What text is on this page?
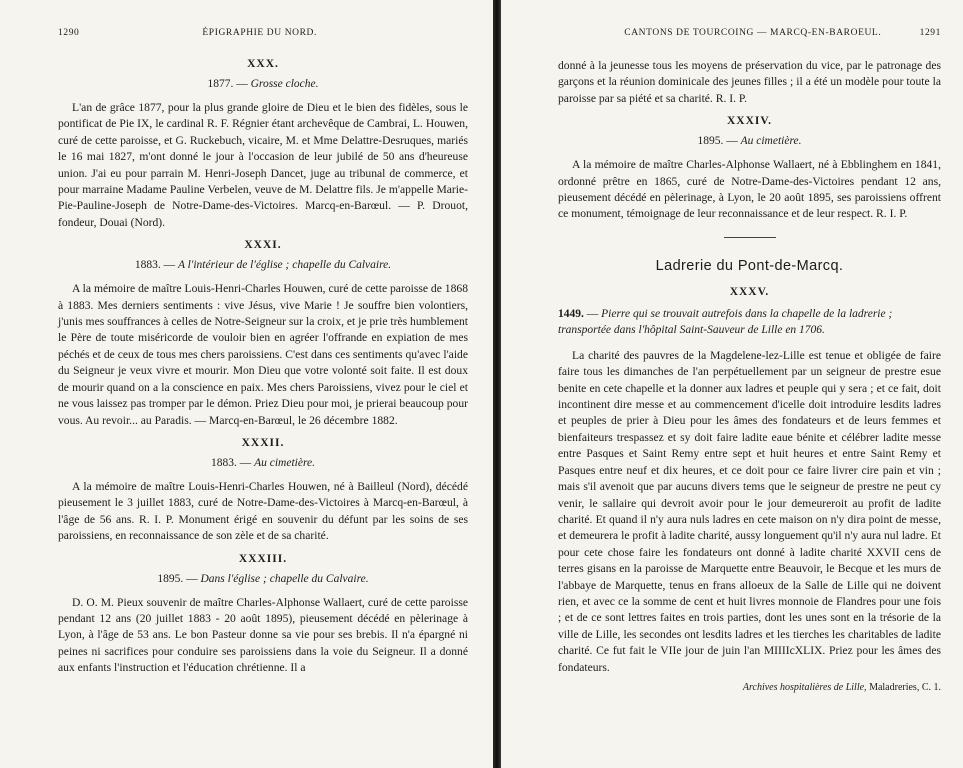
1290	ÉPIGRAPHIE DU NORD.
XXX.
1877. — Grosse cloche.

L'an de grâce 1877, pour la plus grande gloire de Dieu et le bien des fidèles, sous le pontificat de Pie IX, le cardinal R. F. Régnier étant archevêque de Cambrai, L. Houwen, curé de cette paroisse, et G. Ruckebuch, vicaire, M. et Mme Delattre-Desruques, mariés le 16 mai 1827, m'ont donné le jour à l'occasion de leur jubilé de 50 ans d'heureuse union. J'ai eu pour parrain M. Henri-Joseph Dancet, juge au tribunal de commerce, et pour marraine Madame Pauline Verbelen, veuve de M. Delattre fils. Je m'appelle Marie-Pie-Pauline-Joseph de Notre-Dame-des-Victoires. Marcq-en-Barœul. — P. Drouot, fondeur, Douai (Nord).

XXXI.
1883. — A l'intérieur de l'église ; chapelle du Calvaire.

A la mémoire de maître Louis-Henri-Charles Houwen, curé de cette paroisse de 1868 à 1883. Mes derniers sentiments : vive Jésus, vive Marie ! Je souffre bien volontiers, j'unis mes souffrances à celles de Notre-Seigneur sur la croix, et je prie très humblement le Père de toute miséricorde de vouloir bien en agréer l'offrande en expiation de mes péchés et de ceux de tous mes chers paroissiens. C'est dans ces sentiments qu'avec l'aide du Seigneur je veux vivre et mourir. Mon Dieu que votre volonté soit faite. Il est doux de mourir quand on a la conscience en paix. Mes chers Paroissiens, vivez pour le ciel et ne vous laissez pas tromper par le démon. Priez Dieu pour moi, je prierai beaucoup pour vous. Au revoir... au Paradis. — Marcq-en-Barœul, le 26 décembre 1882.

XXXII.
1883. — Au cimetière.

A la mémoire de maître Louis-Henri-Charles Houwen, né à Bailleul (Nord), décédé pieusement le 3 juillet 1883, curé de Notre-Dame-des-Victoires à Marcq-en-Barœul, à l'âge de 56 ans. R. I. P. Monument érigé en souvenir du défunt par les soins de ses paroissiens, en reconnaissance de son zèle et de sa charité.

XXXIII.
1895. — Dans l'église ; chapelle du Calvaire.

D. O. M. Pieux souvenir de maître Charles-Alphonse Wallaert, curé de cette paroisse pendant 12 ans (20 juillet 1883 - 20 août 1895), pieusement décédé en pèlerinage à Lyon, à l'âge de 53 ans. Le bon Pasteur donne sa vie pour ses brebis. Il n'a épargné ni peines ni sacrifices pour conduire ses paroissiens dans la voie du Seigneur. Il a donné aux enfants l'instruction et l'éducation chrétienne. Il a

CANTONS DE TOURCOING — MARCQ-EN-BAROEUL.	1291

donné à la jeunesse tous les moyens de préservation du vice, par le patronage des garçons et la réunion dominicale des jeunes filles ; il a été un modèle pour toute la paroisse par sa piété et sa charité. R. I. P.

XXXIV.
1895. — Au cimetière.

A la mémoire de maître Charles-Alphonse Wallaert, né à Ebblinghem en 1841, ordonné prêtre en 1865, curé de Notre-Dame-des-Victoires pendant 12 ans, pieusement décédé en pèlerinage, à Lyon, le 20 août 1895, ses paroissiens offrent ce monument, témoignage de leur reconnaissance et de leur respect. R. I. P.

Ladrerie du Pont-de-Marcq.
XXXV.
1449. — Pierre qui se trouvait autrefois dans la chapelle de la ladrerie ; transportée dans l'hôpital Saint-Sauveur de Lille en 1706.

La charité des pauvres de la Magdelene-lez-Lille est tenue et obligée de faire faire tous les dimanches de l'an perpétuellement par un seigneur de prestre esue benite en cete chapelle et la donner aux ladres et peuple qui y sera ; et ce fait, doit incontinent dire messe et au commencement d'icelle doit introduire lesdits ladres et peuples de prier à Dieu pour les âmes des fondateurs et de leurs femmes et bienfaiteurs trespassez et sy doit faire ladite eaue bénite et célébrer ladite messe entre Pasques et Saint Remy entre sept et huit heures et entre Saint Remy et Pasques entre neuf et dix heures, et ce doit pour ce faire livrer cire pain et vin ; mais s'il avenoit que par aucuns divers tems que le seigneur de prestre ne peut cy venir, le sallaire qui devroit avoir pour le jour demeureroit au profit de ladite charité. Et quand il n'y aura nuls ladres en cete maison on n'y dira point de messe, et demeurera le profit à ladite charité, aussy longuement qu'il n'y aura nul ladre. Et pour cete chose faire les fondateurs ont donné à ladite charité XXVII cens de terres gisans en la paroisse de Marquette entre Beauvoir, le Becque et les murs de l'abbaye de Marquette, tenus en frans alloeux de la Salle de Lille qui ne doivent rien, et avec ce la somme de cent et huit livres monnoie de Flandres pour une fois ; et de ce sont lettres faites en trois parties, dont les unes sont en la trésorie de la ville de Lille, les secondes ont lesdits ladres et les tierches les charitables de ladite charité. Ce fut fait le VIIe jour de juin l'an MIIIIcXLIX. Priez pour les âmes des fondateurs.

Archives hospitalières de Lille, Maladreries, C. 1.
